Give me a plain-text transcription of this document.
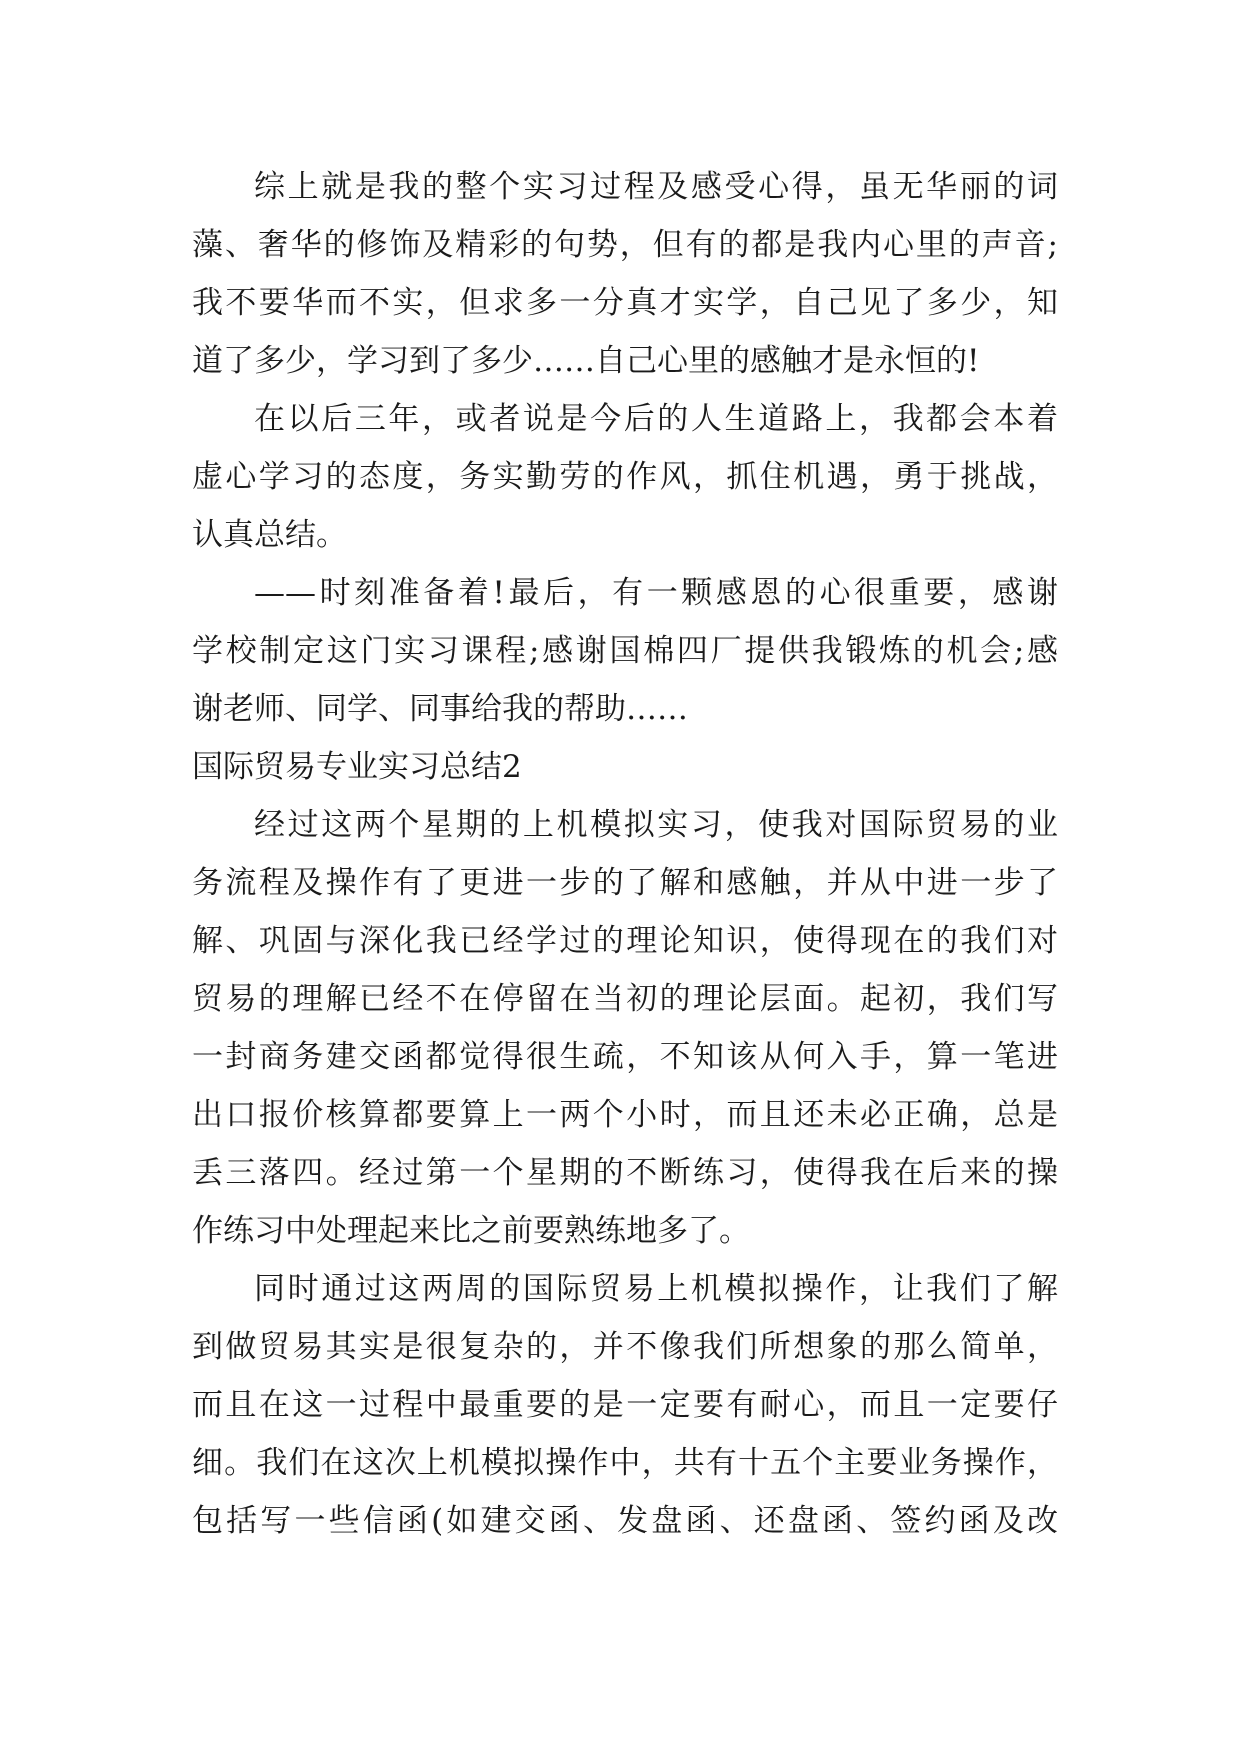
综上就是我的整个实习过程及感受心得，虽无华丽的词
藻、奢华的修饰及精彩的句势，但有的都是我内心里的声音;
我不要华而不实，但求多一分真才实学，自己见了多少，知
道了多少，学习到了多少……自己心里的感触才是永恒的!
在以后三年，或者说是今后的人生道路上，我都会本着
虚心学习的态度，务实勤劳的作风，抓住机遇，勇于挑战，
认真总结。
——时刻准备着!最后，有一颗感恩的心很重要，感谢
学校制定这门实习课程;感谢国棉四厂提供我锻炼的机会;感
谢老师、同学、同事给我的帮助……
国际贸易专业实习总结2
经过这两个星期的上机模拟实习，使我对国际贸易的业
务流程及操作有了更进一步的了解和感触，并从中进一步了
解、巩固与深化我已经学过的理论知识，使得现在的我们对
贸易的理解已经不在停留在当初的理论层面。起初，我们写
一封商务建交函都觉得很生疏，不知该从何入手，算一笔进
出口报价核算都要算上一两个小时，而且还未必正确，总是
丢三落四。经过第一个星期的不断练习，使得我在后来的操
作练习中处理起来比之前要熟练地多了。
同时通过这两周的国际贸易上机模拟操作，让我们了解
到做贸易其实是很复杂的，并不像我们所想象的那么简单，
而且在这一过程中最重要的是一定要有耐心，而且一定要仔
细。我们在这次上机模拟操作中，共有十五个主要业务操作，
包括写一些信函(如建交函、发盘函、还盘函、签约函及改
